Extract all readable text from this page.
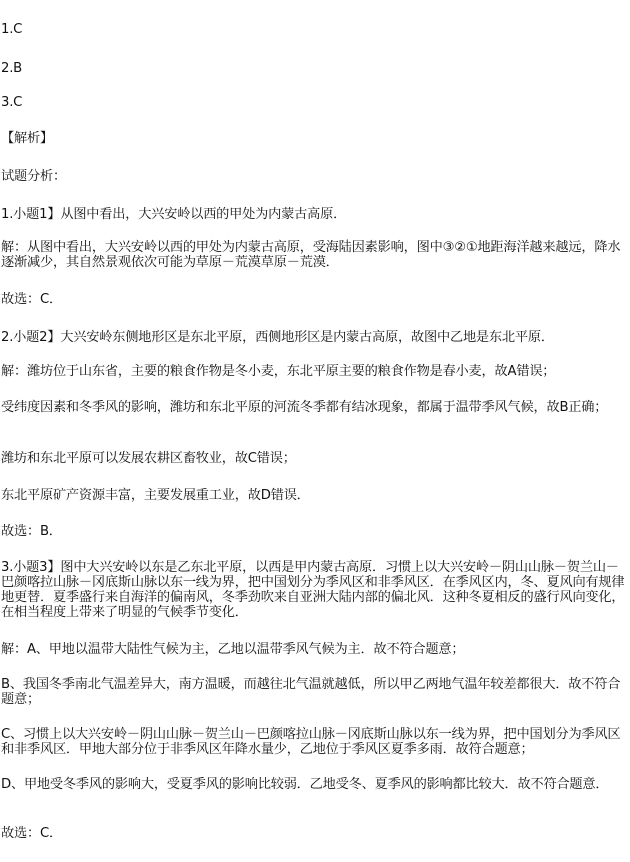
1.C
2.B
3.C
【解析】
试题分析：
1.小题1】从图中看出，大兴安岭以西的甲处为内蒙古高原．
解：从图中看出，大兴安岭以西的甲处为内蒙古高原，受海陆因素影响，图中③②①地距海洋越来越远，降水逐渐减少，其自然景观依次可能为草原－荒漠草原－荒漠．
故选：C．
2.小题2】大兴安岭东侧地形区是东北平原，西侧地形区是内蒙古高原，故图中乙地是东北平原．
解：潍坊位于山东省，主要的粮食作物是冬小麦，东北平原主要的粮食作物是春小麦，故A错误；
受纬度因素和冬季风的影响，潍坊和东北平原的河流冬季都有结冰现象，都属于温带季风气候，故B正确；
潍坊和东北平原可以发展农耕区畜牧业，故C错误；
东北平原矿产资源丰富，主要发展重工业，故D错误．
故选：B．
3.小题3】图中大兴安岭以东是乙东北平原，以西是甲内蒙古高原．习惯上以大兴安岭－阴山山脉－贺兰山－巴颜喀拉山脉－冈底斯山脉以东一线为界，把中国划分为季风区和非季风区．在季风区内，冬、夏风向有规律地更替．夏季盛行来自海洋的偏南风，冬季劲吹来自亚洲大陆内部的偏北风．这种冬夏相反的盛行风向变化，在相当程度上带来了明显的气候季节变化．
解：A、甲地以温带大陆性气候为主，乙地以温带季风气候为主．故不符合题意；
B、我国冬季南北气温差异大，南方温暖，而越往北气温就越低，所以甲乙两地气温年较差都很大．故不符合题意；
C、习惯上以大兴安岭－阴山山脉－贺兰山－巴颜喀拉山脉－冈底斯山脉以东一线为界，把中国划分为季风区和非季风区．甲地大部分位于非季风区年降水量少，乙地位于季风区夏季多雨．故符合题意；
D、甲地受冬季风的影响大，受夏季风的影响比较弱．乙地受冬、夏季风的影响都比较大．故不符合题意．
故选：C．
